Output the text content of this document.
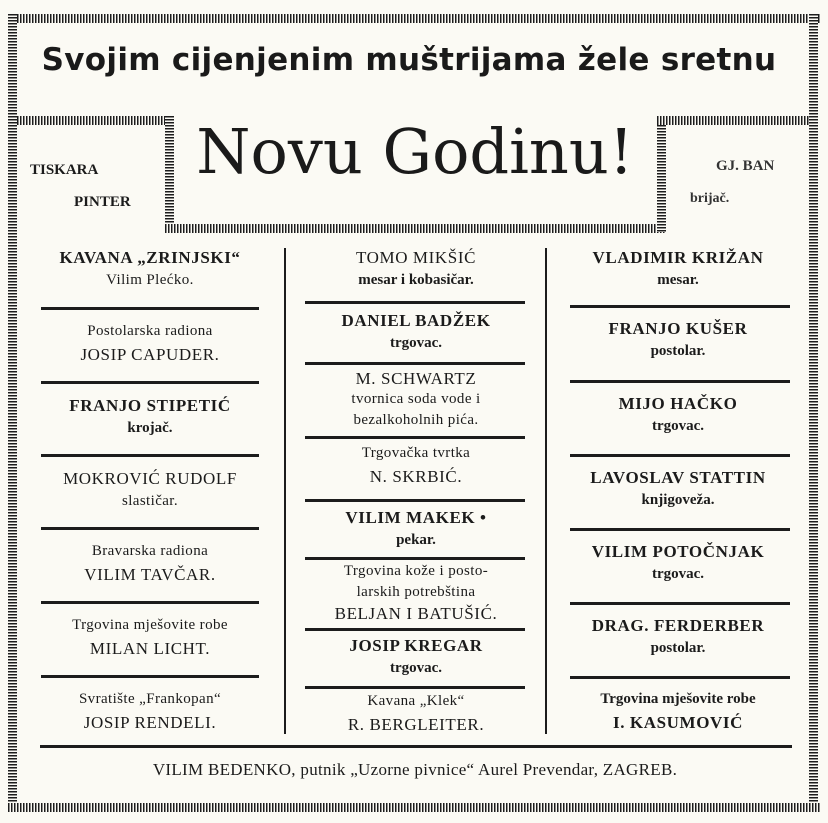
Svojim cijenjenim muštrijama žele sretnu
Novu Godinu!
TISKARA
PINTER
GJ. BAN
brijač.
KAVANA „ZRINJSKI“
Vilim Plećko.
Postolarska radiona
JOSIP CAPUDER.
FRANJO STIPETIĆ
krojač.
MOKROVIĆ RUDOLF
slastičar.
Bravarska radiona
VILIM TAVČAR.
Trgovina mješovite robe
MILAN LICHT.
Svratište „Frankopan“
JOSIP RENDELI.
TOMO MIKŠIĆ
mesar i kobasičar.
DANIEL BADŽEK
trgovac.
M. SCHWARTZ
tvornica soda vode i
bezalkoholnih pića.
Trgovačka tvrtka
N. SKRBIĆ.
VILIM MAKEK •
pekar.
Trgovina kože i posto-
larskih potrebština
BELJAN I BATUŠIĆ.
JOSIP KREGAR
trgovac.
Kavana „Klek“
R. BERGLEITER.
VLADIMIR KRIŽAN
mesar.
FRANJO KUŠER
postolar.
MIJO HAČKO
trgovac.
LAVOSLAV STATTIN
knjigoveža.
VILIM POTOČNJAK
trgovac.
DRAG. FERDERBER
postolar.
Trgovina mješovite robe
I. KASUMOVIĆ
VILIM BEDENKO, putnik „Uzorne pivnice“ Aurel Prevendar, ZAGREB.
